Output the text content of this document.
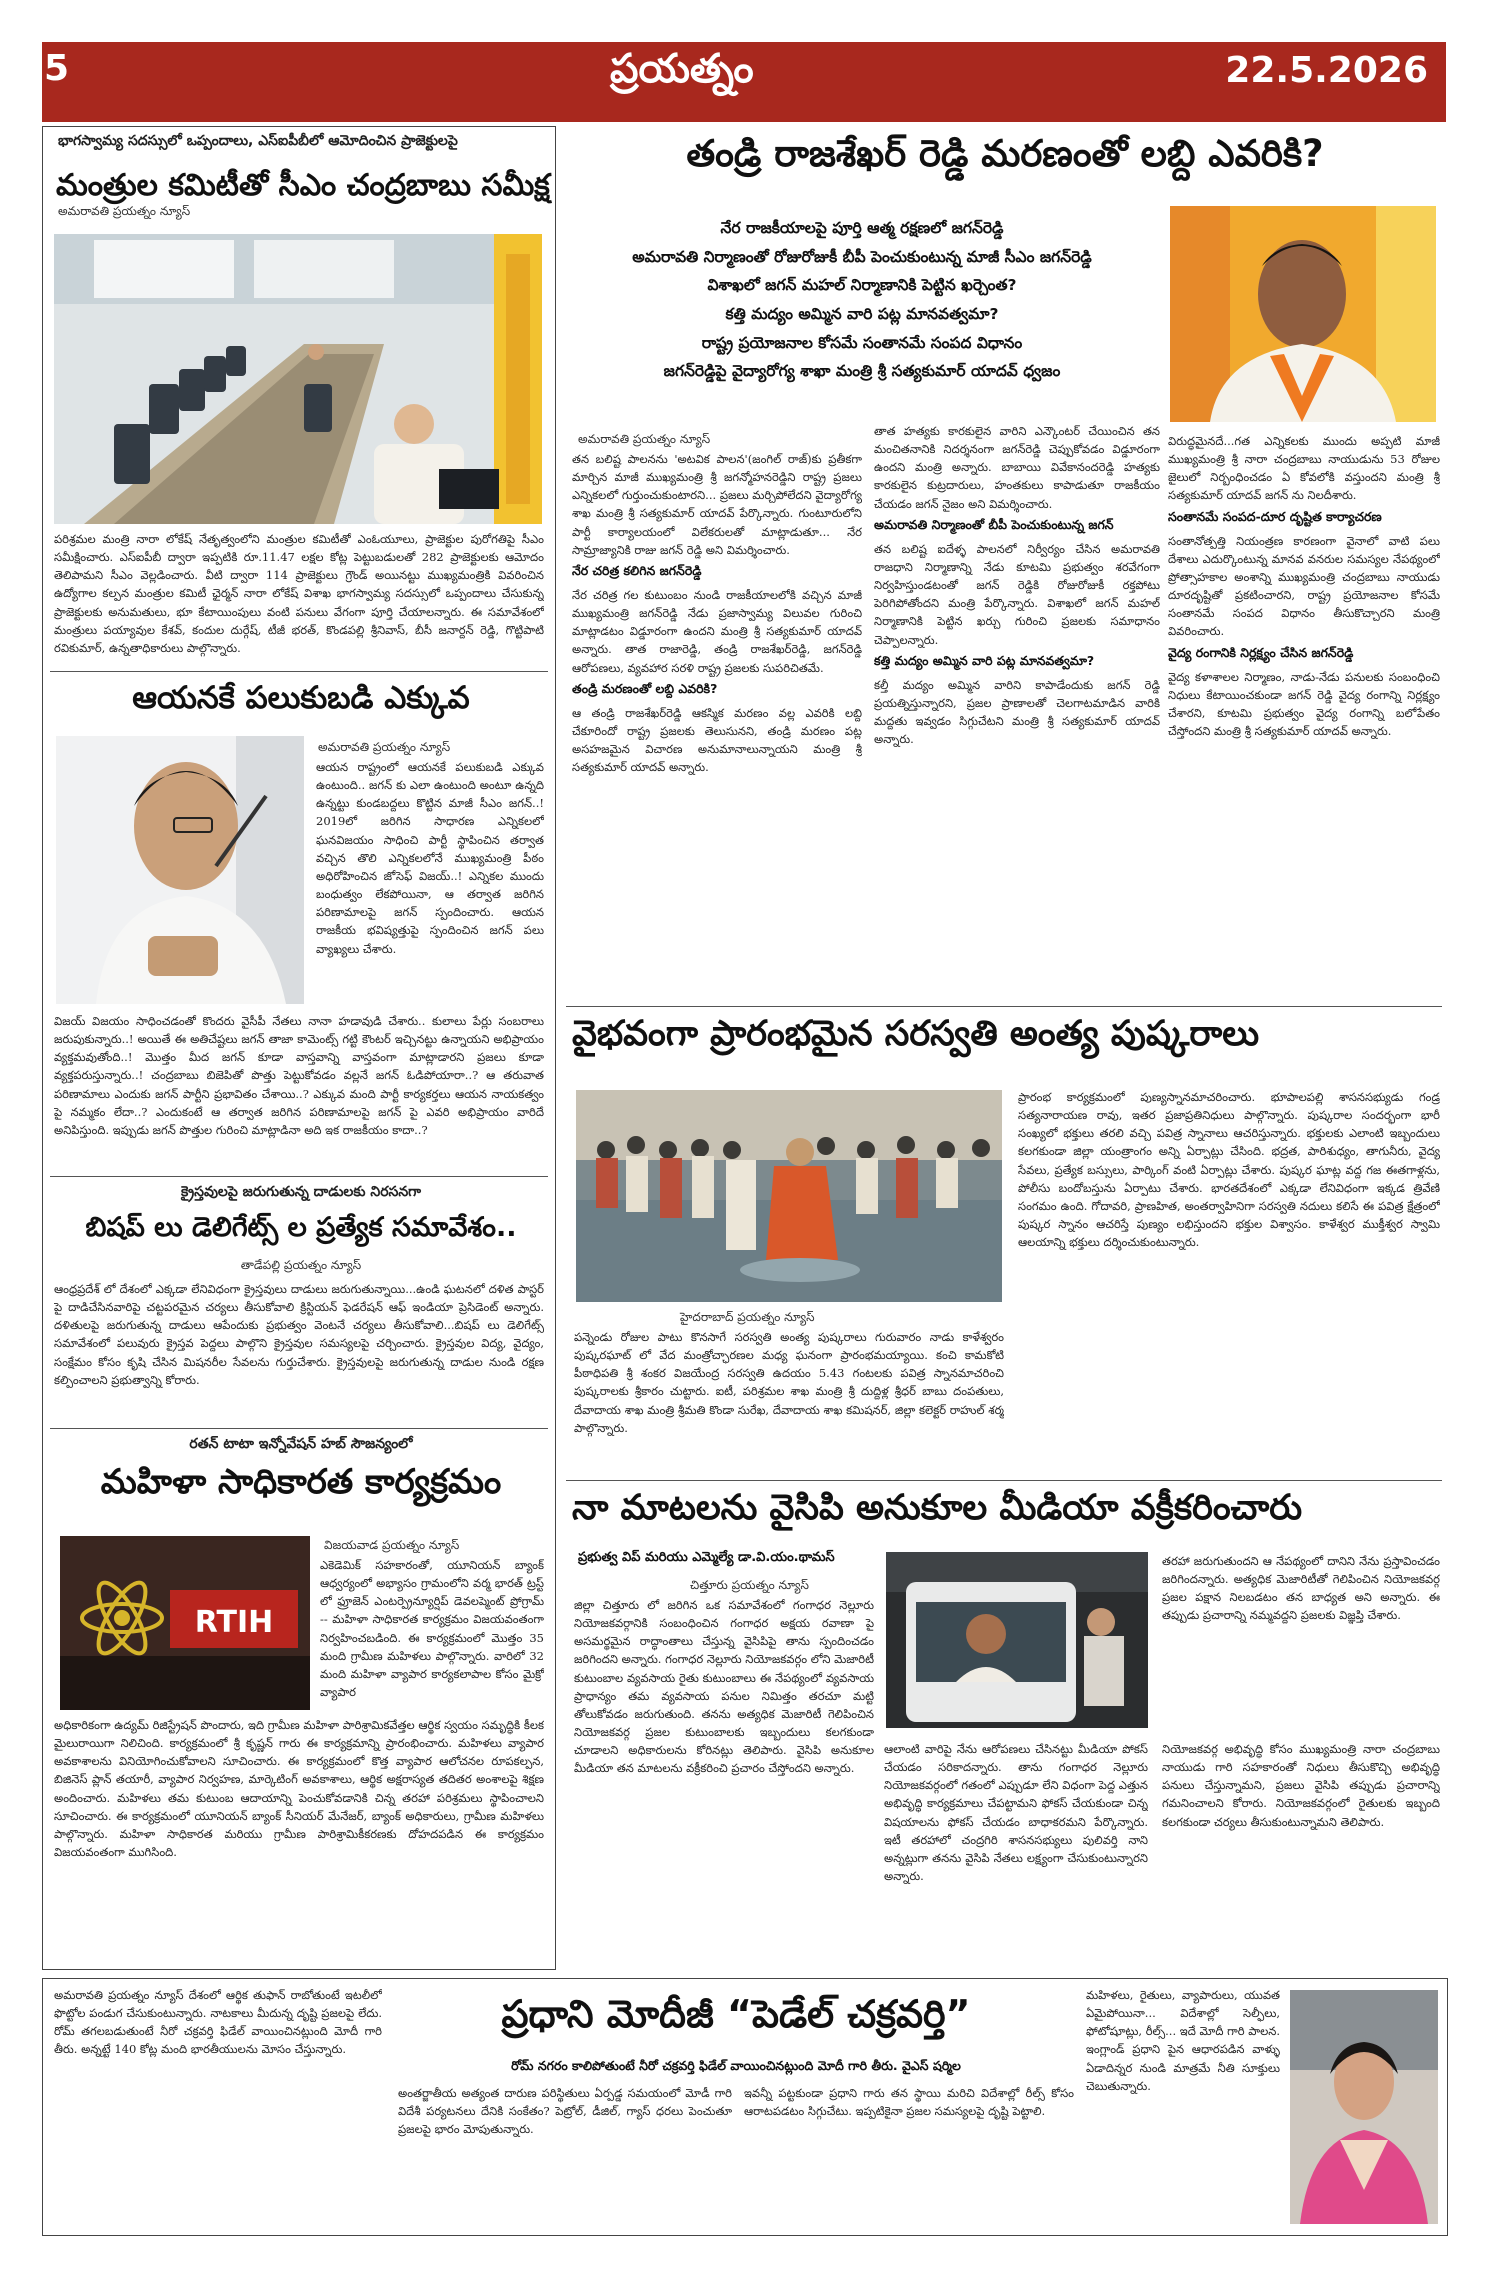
5	ప్రయత్నం	22.5.2026
భాగస్వామ్య సదస్సులో ఒప్పందాలు, ఎస్ఐపీబీలో ఆమోదించిన ప్రాజెక్టులపై
మంత్రుల కమిటీతో సీఎం చంద్రబాబు సమీక్ష
అమరావతి ప్రయత్నం న్యూస్
పరిశ్రమల మంత్రి నారా లోకేష్ నేతృత్వంలోని మంత్రుల కమిటీతో ఎంఓయూలు, ప్రాజెక్టుల పురోగతిపై సీఎం సమీక్షించారు. ఎస్ఐపీబీ ద్వారా ఇప్పటికి రూ.11.47 లక్షల కోట్ల పెట్టుబడులతో 282 ప్రాజెక్టులకు ఆమోదం తెలిపామని సీఎం వెల్లడించారు. వీటి ద్వారా 114 ప్రాజెక్టులు గ్రౌండ్ అయినట్టు ముఖ్యమంత్రికి వివరించిన ఉద్యోగాల కల్పన మంత్రుల కమిటీ ఛైర్మన్ నారా లోకేష్ విశాఖ భాగస్వామ్య సదస్సులో ఒప్పందాలు చేసుకున్న ప్రాజెక్టులకు అనుమతులు, భూ కేటాయింపులు వంటి పనులు వేగంగా పూర్తి చేయాలన్నారు. ఈ సమావేశంలో మంత్రులు పయ్యావుల కేశవ్, కందుల దుర్గేష్, టీజీ భరత్, కొండపల్లి శ్రీనివాస్, బీసీ జనార్దన్ రెడ్డి, గొట్టిపాటి రవికుమార్, ఉన్నతాధికారులు పాల్గొన్నారు.
ఆయనకే పలుకుబడి ఎక్కువ
అమరావతి ప్రయత్నం న్యూస్
ఆయన రాష్ట్రంలో ఆయనకే పలుకుబడి ఎక్కువ ఉంటుంది.. జగన్ కు ఎలా ఉంటుంది అంటూ ఉన్నది ఉన్నట్టు కుండబద్దలు కొట్టిన మాజీ సీఎం జగన్..! 2019లో జరిగిన సాధారణ ఎన్నికలలో ఘనవిజయం సాధించి పార్టీ స్థాపించిన తర్వాత వచ్చిన తొలి ఎన్నికలలోనే ముఖ్యమంత్రి పీఠం అధిరోహించిన జోసెఫ్ విజయ్..! ఎన్నికల ముందు బంధుత్వం లేకపోయినా, ఆ తర్వాత జరిగిన పరిణామాలపై జగన్ స్పందించారు. ఆయన రాజకీయ భవిష్యత్తుపై స్పందించిన జగన్ పలు వ్యాఖ్యలు చేశారు.
విజయ్ విజయం సాధించడంతో కొందరు వైసీపీ నేతలు నానా హడావుడి చేశారు.. కులాలు పేర్లు సంబరాలు జరుపుకున్నారు..! అయితే ఈ అతిచేష్టలు జగన్ తాజా కామెంట్స్ గట్టి కౌంటర్ ఇచ్చినట్టు ఉన్నాయని అభిప్రాయం వ్యక్తమవుతోంది..! మొత్తం మీద జగన్ కూడా వాస్తవాన్ని వాస్తవంగా మాట్లాడారని ప్రజలు కూడా వ్యక్తపరుస్తున్నారు..! చంద్రబాబు బిజెపితో పొత్తు పెట్టుకోవడం వల్లనే జగన్ ఓడిపోయారా..? ఆ తరువాత పరిణామాలు ఎందుకు జగన్ పార్టీని ప్రభావితం చేశాయి..? ఎక్కువ మంది పార్టీ కార్యకర్తలు ఆయన నాయకత్వం పై నమ్మకం లేదా..? ఎందుకంటే ఆ తర్వాత జరిగిన పరిణామాలపై జగన్ పై ఎవరి అభిప్రాయం వారిదే అనిపిస్తుంది. ఇప్పుడు జగన్ పొత్తుల గురించి మాట్లాడినా అది ఇక రాజకీయం కాదా..?
క్రైస్తవులపై జరుగుతున్న దాడులకు నిరసనగా
బిషప్ లు డెలిగేట్స్ ల ప్రత్యేక సమావేశం..
తాడేపల్లి ప్రయత్నం న్యూస్
ఆంధ్రప్రదేశ్ లో దేశంలో ఎక్కడా లేనివిధంగా క్రైస్తవులు దాడులు జరుగుతున్నాయి...ఉండి ఘటనలో దళిత పాస్టర్ పై దాడిచేసినవారిపై చట్టపరమైన చర్యలు తీసుకోవాలి క్రిస్టియన్ ఫెడరేషన్ ఆఫ్ ఇండియా ప్రెసిడెంట్ అన్నారు. దళితులపై జరుగుతున్న దాడులు ఆపేందుకు ప్రభుత్వం వెంటనే చర్యలు తీసుకోవాలి...బిషప్ లు డెలిగేట్స్ సమావేశంలో పలువురు క్రైస్తవ పెద్దలు పాల్గొని క్రైస్తవుల సమస్యలపై చర్చించారు. క్రైస్తవుల విద్య, వైద్యం, సంక్షేమం కోసం కృషి చేసిన మిషనరీల సేవలను గుర్తుచేశారు. క్రైస్తవులపై జరుగుతున్న దాడుల నుండి రక్షణ కల్పించాలని ప్రభుత్వాన్ని కోరారు.
రతన్ టాటా ఇన్నోవేషన్ హబ్ సౌజన్యంలో
మహిళా సాధికారత కార్యక్రమం
RTIH
విజయవాడ ప్రయత్నం న్యూస్
ఎకెడెమిక్ సహకారంతో, యూనియన్ బ్యాంక్ ఆధ్వర్యంలో అభ్యాసం గ్రామంలోని వర్మ భారత్ ట్రస్ట్ లో ఫ్రూజెన్ ఎంటర్ప్రెన్యూర్షిప్ డెవలప్మెంట్ ప్రోగ్రామ్ -- మహిళా సాధికారత కార్యక్రమం విజయవంతంగా నిర్వహించబడింది. ఈ కార్యక్రమంలో మొత్తం 35 మంది గ్రామీణ మహిళలు పాల్గొన్నారు. వారిలో 32 మంది మహిళా వ్యాపార కార్యకలాపాల కోసం మైక్రో వ్యాపార
అధికారికంగా ఉద్యమ్ రిజిస్ట్రేషన్ పొందారు, ఇది గ్రామీణ మహిళా పారిశ్రామికవేత్తల ఆర్థిక స్వయం సమృద్ధికి కీలక మైలురాయిగా నిలిచింది. కార్యక్రమంలో శ్రీ కృష్ణన్ గారు ఈ కార్యక్రమాన్ని ప్రారంభించారు. మహిళలు వ్యాపార అవకాశాలను వినియోగించుకోవాలని సూచించారు. ఈ కార్యక్రమంలో కొత్త వ్యాపార ఆలోచనల రూపకల్పన, బిజినెస్ ప్లాన్ తయారీ, వ్యాపార నిర్వహణ, మార్కెటింగ్ అవకాశాలు, ఆర్థిక అక్షరాస్యత తదితర అంశాలపై శిక్షణ అందించారు. మహిళలు తమ కుటుంబ ఆదాయాన్ని పెంచుకోవడానికి చిన్న తరహా పరిశ్రమలు స్థాపించాలని సూచించారు. ఈ కార్యక్రమంలో యూనియన్ బ్యాంక్ సీనియర్ మేనేజర్, బ్యాంక్ అధికారులు, గ్రామీణ మహిళలు పాల్గొన్నారు. మహిళా సాధికారత మరియు గ్రామీణ పారిశ్రామికీకరణకు దోహదపడిన ఈ కార్యక్రమం విజయవంతంగా ముగిసింది.
తండ్రి రాజశేఖర్ రెడ్డి మరణంతో లబ్ది ఎవరికి?
నేర రాజకీయాలపై పూర్తి ఆత్మ రక్షణలో జగన్‌రెడ్డి
అమరావతి నిర్మాణంతో రోజురోజుకీ బీపీ పెంచుకుంటున్న మాజీ సీఎం జగన్‌రెడ్డి
విశాఖలో జగన్ మహల్ నిర్మాణానికి పెట్టిన ఖర్చెంత?
కత్తి మద్యం అమ్మిన వారి పట్ల మానవత్వమా?
రాష్ట్ర ప్రయోజనాల కోసమే సంతానమే సంపద విధానం
జగన్‌రెడ్డిపై వైద్యారోగ్య శాఖా మంత్రి శ్రీ సత్యకుమార్ యాదవ్ ధ్వజం
అమరావతి ప్రయత్నం న్యూస్
తన బలిష్ట పాలనను 'అటవిక పాలన'(జంగిల్ రాజ్)కు ప్రతీకగా మార్చిన మాజీ ముఖ్యమంత్రి శ్రీ జగన్మోహనరెడ్డిని రాష్ట్ర ప్రజలు ఎన్నికలలో గుర్తుంచుకుంటారని... ప్రజలు మర్చిపోలేదని వైద్యారోగ్య శాఖ మంత్రి శ్రీ సత్యకుమార్ యాదవ్ పేర్కొన్నారు. గుంటూరులోని పార్టీ కార్యాలయంలో విలేకరులతో మాట్లాడుతూ... నేర సామ్రాజ్యానికి రాజు జగన్ రెడ్డి అని విమర్శించారు.
నేర చరిత్ర కలిగిన జగన్‌రెడ్డి
నేర చరిత్ర గల కుటుంబం నుండి రాజకీయాలలోకి వచ్చిన మాజీ ముఖ్యమంత్రి జగన్‌రెడ్డి నేడు ప్రజాస్వామ్య విలువల గురించి మాట్లాడటం విడ్డూరంగా ఉందని మంత్రి శ్రీ సత్యకుమార్ యాదవ్ అన్నారు. తాత రాజారెడ్డి, తండ్రి రాజశేఖర్‌రెడ్డి, జగన్‌రెడ్డి ఆరోపణలు, వ్యవహార సరళి రాష్ట్ర ప్రజలకు సుపరిచితమే.
తండ్రి మరణంతో లబ్ది ఎవరికి?
ఆ తండ్రి రాజశేఖర్‌రెడ్డి ఆకస్మిక మరణం వల్ల ఎవరికి లబ్ది చేకూరిందో రాష్ట్ర ప్రజలకు తెలుసునని, తండ్రి మరణం పట్ల అసహజమైన విచారణ అనుమానాలున్నాయని మంత్రి శ్రీ సత్యకుమార్ యాదవ్ అన్నారు.
తాత హత్యకు కారకులైన వారిని ఎన్కౌంటర్ చేయించిన తన మంచితనానికి నిదర్శనంగా జగన్‌రెడ్డి చెప్పుకోవడం విడ్డూరంగా ఉందని మంత్రి అన్నారు. బాబాయి వివేకానందరెడ్డి హత్యకు కారకులైన కుట్రదారులు, హంతకులు కాపాడుతూ రాజకీయం చేయడం జగన్ నైజం అని విమర్శించారు.
అమరావతి నిర్మాణంతో బీపీ పెంచుకుంటున్న జగన్
తన బలిష్ట ఐదేళ్ళ పాలనలో నిర్వీర్యం చేసిన అమరావతి రాజధాని నిర్మాణాన్ని నేడు కూటమి ప్రభుత్వం శరవేగంగా నిర్వహిస్తుండటంతో జగన్ రెడ్డికి రోజురోజుకీ రక్తపోటు పెరిగిపోతోందని మంత్రి పేర్కొన్నారు. విశాఖలో జగన్ మహల్ నిర్మాణానికి పెట్టిన ఖర్చు గురించి ప్రజలకు సమాధానం చెప్పాలన్నారు.
కత్తి మద్యం అమ్మిన వారి పట్ల మానవత్వమా?
కల్తీ మద్యం అమ్మిన వారిని కాపాడేందుకు జగన్ రెడ్డి ప్రయత్నిస్తున్నారని, ప్రజల ప్రాణాలతో చెలగాటమాడిన వారికి మద్దతు ఇవ్వడం సిగ్గుచేటని మంత్రి శ్రీ సత్యకుమార్ యాదవ్ అన్నారు.
విరుద్ధమైనదే...గత ఎన్నికలకు ముందు అప్పటి మాజీ ముఖ్యమంత్రి శ్రీ నారా చంద్రబాబు నాయుడును 53 రోజుల జైలులో నిర్బంధించడం ఏ కోవలోకి వస్తుందని మంత్రి శ్రీ సత్యకుమార్ యాదవ్ జగన్ ను నిలదీశారు.
సంతానమే సంపద-దూర దృష్టిత కార్యాచరణ
సంతానోత్పత్తి నియంత్రణ కారణంగా వైనాలో వాటి పలు దేశాలు ఎదుర్కొంటున్న మానవ వనరుల సమస్యల నేపథ్యంలో ప్రోత్సాహకాల అంశాన్ని ముఖ్యమంత్రి చంద్రబాబు నాయుడు దూరదృష్టితో ప్రకటించారని, రాష్ట్ర ప్రయోజనాల కోసమే సంతానమే సంపద విధానం తీసుకొచ్చారని మంత్రి వివరించారు.
వైద్య రంగానికి నిర్లక్ష్యం చేసిన జగన్‌రెడ్డి
వైద్య కళాశాలల నిర్మాణం, నాడు-నేడు పనులకు సంబంధించి నిధులు కేటాయించకుండా జగన్ రెడ్డి వైద్య రంగాన్ని నిర్లక్ష్యం చేశారని, కూటమి ప్రభుత్వం వైద్య రంగాన్ని బలోపేతం చేస్తోందని మంత్రి శ్రీ సత్యకుమార్ యాదవ్ అన్నారు.
వైభవంగా ప్రారంభమైన సరస్వతి అంత్య పుష్కరాలు
ప్రారంభ కార్యక్రమంలో పుణ్యస్నానమాచరించారు. భూపాలపల్లి శాసనసభ్యుడు గండ్ర సత్యనారాయణ రావు, ఇతర ప్రజాప్రతినిధులు పాల్గొన్నారు. పుష్కరాల సందర్భంగా భారీ సంఖ్యలో భక్తులు తరలి వచ్చి పవిత్ర స్నానాలు ఆచరిస్తున్నారు. భక్తులకు ఎలాంటి ఇబ్బందులు కలగకుండా జిల్లా యంత్రాంగం అన్ని ఏర్పాట్లు చేసింది. భద్రత, పారిశుధ్యం, తాగునీరు, వైద్య సేవలు, ప్రత్యేక బస్సులు, పార్కింగ్ వంటి ఏర్పాట్లు చేశారు. పుష్కర ఘాట్ల వద్ద గజ ఈతగాళ్లను, పోలీసు బందోబస్తును ఏర్పాటు చేశారు. భారతదేశంలో ఎక్కడా లేనివిధంగా ఇక్కడ త్రివేణి సంగమం ఉంది. గోదావరి, ప్రాణహిత, అంతర్వాహినిగా సరస్వతి నదులు కలిసే ఈ పవిత్ర క్షేత్రంలో పుష్కర స్నానం ఆచరిస్తే పుణ్యం లభిస్తుందని భక్తుల విశ్వాసం. కాళేశ్వర ముక్తీశ్వర స్వామి ఆలయాన్ని భక్తులు దర్శించుకుంటున్నారు.
హైదరాబాద్ ప్రయత్నం న్యూస్
పన్నెండు రోజుల పాటు కొనసాగే సరస్వతి అంత్య పుష్కరాలు గురువారం నాడు కాళేశ్వరం పుష్కరఘాట్ లో వేద మంత్రోచ్ఛారణల మధ్య ఘనంగా ప్రారంభమయ్యాయి. కంచి కామకోటి పీఠాధిపతి శ్రీ శంకర విజయేంద్ర సరస్వతి ఉదయం 5.43 గంటలకు పవిత్ర స్నానమాచరించి పుష్కరాలకు శ్రీకారం చుట్టారు. ఐటీ, పరిశ్రమల శాఖ మంత్రి శ్రీ దుద్దిళ్ల శ్రీధర్ బాబు దంపతులు, దేవాదాయ శాఖ మంత్రి శ్రీమతి కొండా సురేఖ, దేవాదాయ శాఖ కమిషనర్, జిల్లా కలెక్టర్ రాహుల్ శర్మ పాల్గొన్నారు.
నా మాటలను వైసిపి అనుకూల మీడియా వక్రీకరించారు
ప్రభుత్వ విప్ మరియు ఎమ్మెల్యే డా.వి.యం.థామస్
చిత్తూరు ప్రయత్నం న్యూస్
జిల్లా చిత్తూరు లో జరిగిన ఒక సమావేశంలో గంగాధర నెల్లూరు నియోజకవర్గానికి సంబంధించిన గంగాధర అక్షయ రవాణా పై అసమర్థమైన రాద్ధాంతాలు చేస్తున్న వైసిపిపై తాను స్పందించడం జరిగిందని అన్నారు. గంగాధర నెల్లూరు నియోజకవర్గం లోని మెజారిటీ కుటుంబాల వ్యవసాయ రైతు కుటుంబాలు ఈ నేపథ్యంలో వ్యవసాయ ప్రాధాన్యం తమ వ్యవసాయ పనుల నిమిత్తం తరచూ మట్టి తోలుకోవడం జరుగుతుంది. తనను అత్యధిక మెజారిటీ గెలిపించిన నియోజకవర్గ ప్రజల కుటుంబాలకు ఇబ్బందులు కలగకుండా చూడాలని అధికారులను కోరినట్లు తెలిపారు. వైసిపి అనుకూల మీడియా తన మాటలను వక్రీకరించి ప్రచారం చేస్తోందని అన్నారు.
తరహా జరుగుతుందని ఆ నేపథ్యంలో దానిని నేను ప్రస్తావించడం జరిగిందన్నారు. అత్యధిక మెజారిటీతో గెలిపించిన నియోజకవర్గ ప్రజల పక్షాన నిలబడటం తన బాధ్యత అని అన్నారు. ఈ తప్పుడు ప్రచారాన్ని నమ్మవద్దని ప్రజలకు విజ్ఞప్తి చేశారు.
ఆలాంటి వారిపై నేను ఆరోపణలు చేసినట్టు మీడియా పోకస్ చేయడం సరికాదన్నారు. తాను గంగాధర నెల్లూరు నియోజకవర్గంలో గతంలో ఎప్పుడూ లేని విధంగా పెద్ద ఎత్తున అభివృద్ధి కార్యక్రమాలు చేపట్టామని ఫోకస్ చేయకుండా చిన్న విషయాలను ఫోకస్ చేయడం బాధాకరమని పేర్కొన్నారు. ఇటీ తరహాలో చంద్రగిరి శాసనసభ్యులు పులివర్తి నాని అన్నట్లుగా తనను వైసిపి నేతలు లక్ష్యంగా చేసుకుంటున్నారని అన్నారు.
నియోజకవర్గ అభివృద్ధి కోసం ముఖ్యమంత్రి నారా చంద్రబాబు నాయుడు గారి సహకారంతో నిధులు తీసుకొచ్చి అభివృద్ధి పనులు చేస్తున్నామని, ప్రజలు వైసిపి తప్పుడు ప్రచారాన్ని గమనించాలని కోరారు. నియోజకవర్గంలో రైతులకు ఇబ్బంది కలగకుండా చర్యలు తీసుకుంటున్నామని తెలిపారు.
అమరావతి ప్రయత్నం న్యూస్ దేశంలో ఆర్థిక తుఫాన్ రాబోతుంటే ఇటలీలో ఫొట్టోల పండుగ చేసుకుంటున్నారు. నాటకాలు మీదున్న దృష్టి ప్రజలపై లేదు. రోమ్ తగలబడుతుంటే నీరో చక్రవర్తి ఫిడేల్ వాయించినట్లుంది మోదీ గారి తీరు. అన్నట్టే 140 కోట్ల మంది భారతీయులను మోసం చేస్తున్నారు.
ప్రధాని మోదీజీ “పెడేల్ చక్రవర్తి”
రోమ్ నగరం కాలిపోతుంటే నీరో చక్రవర్తి ఫిడేల్ వాయించినట్లుంది మోదీ గారి తీరు. వైఎస్ షర్మిల
అంతర్జాతీయ అత్యంత దారుణ పరిస్థితులు ఏర్పడ్డ సమయంలో మోడీ గారి విదేశీ పర్యటనలు దేనికి సంకేతం? పెట్రోల్, డీజిల్, గ్యాస్ ధరలు పెంచుతూ ప్రజలపై భారం మోపుతున్నారు.
ఇవన్నీ పట్టకుండా ప్రధాని గారు తన స్థాయి మరిచి విదేశాల్లో రీల్స్ కోసం ఆరాటపడటం సిగ్గుచేటు. ఇప్పటికైనా ప్రజల సమస్యలపై దృష్టి పెట్టాలి.
మహిళలు, రైతులు, వ్యాపారులు, యువత ఏమైపోయినా... విదేశాల్లో సెల్ఫీలు, ఫోటోషూట్లు, రీల్స్... ఇదే మోదీ గారి పాలన. ఇంగ్లాండ్ ప్రధాని పైన ఆధారపడిన వాళ్ళు ఏడాదిన్నర నుండి మాత్రమే నీతి సూక్తులు చెబుతున్నారు.
